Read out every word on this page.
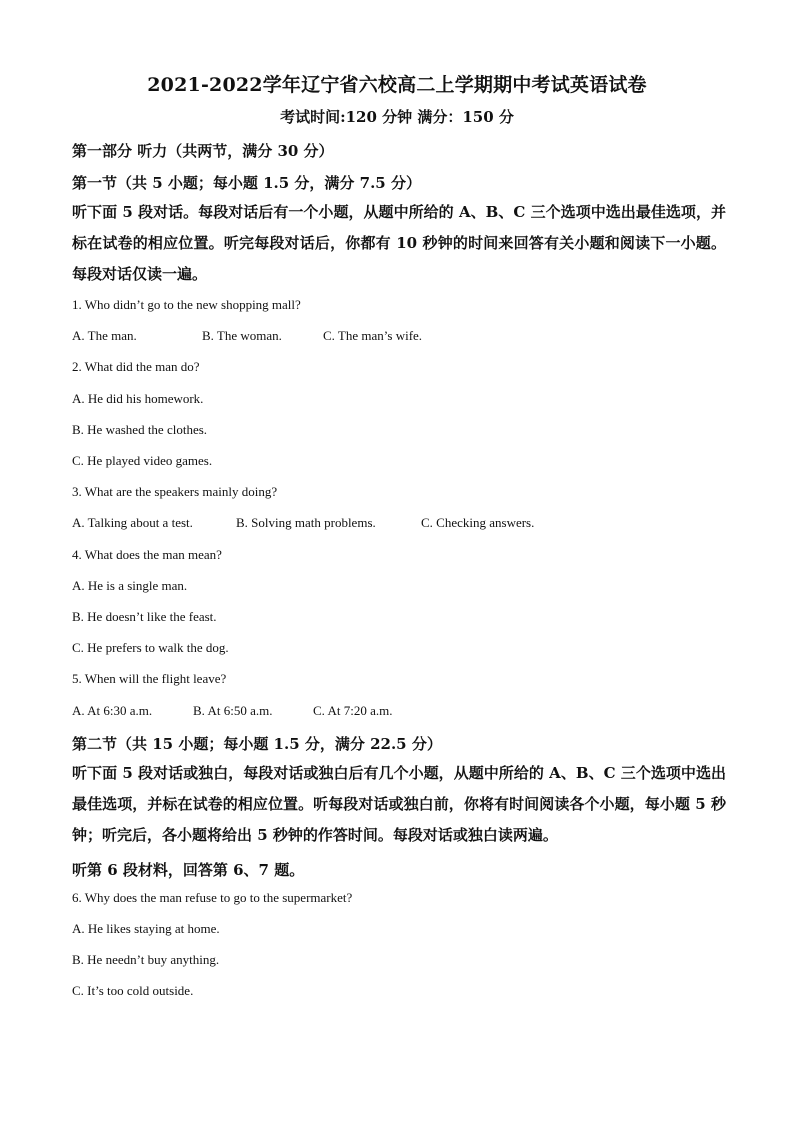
2021-2022学年辽宁省六校高二上学期期中考试英语试卷
考试时间:120 分钟 满分：150 分
第一部分 听力（共两节，满分 30 分）
第一节（共 5 小题；每小题 1.5 分，满分 7.5 分）
听下面 5 段对话。每段对话后有一个小题，从题中所给的 A、B、C 三个选项中选出最佳选项，并标在试卷的相应位置。听完每段对话后，你都有 10 秒钟的时间来回答有关小题和阅读下一小题。每段对话仅读一遍。
1. Who didn’t go to the new shopping mall?
A. The man.	B. The woman.	C. The man’s wife.
2. What did the man do?
A. He did his homework.
B. He washed the clothes.
C. He played video games.
3. What are the speakers mainly doing?
A. Talking about a test.	B. Solving math problems.	C. Checking answers.
4. What does the man mean?
A. He is a single man.
B. He doesn’t like the feast.
C. He prefers to walk the dog.
5. When will the flight leave?
A. At 6:30 a.m.	B. At 6:50 a.m.	C. At 7:20 a.m.
第二节（共 15 小题；每小题 1.5 分，满分 22.5 分）
听下面 5 段对话或独白，每段对话或独白后有几个小题，从题中所给的 A、B、C 三个选项中选出最佳选项，并标在试卷的相应位置。听每段对话或独白前，你将有时间阅读各个小题，每小题 5 秒钟；听完后，各小题将给出 5 秒钟的作答时间。每段对话或独白读两遍。
听第 6 段材料，回答第 6、7 题。
6. Why does the man refuse to go to the supermarket?
A. He likes staying at home.
B. He needn’t buy anything.
C. It’s too cold outside.
